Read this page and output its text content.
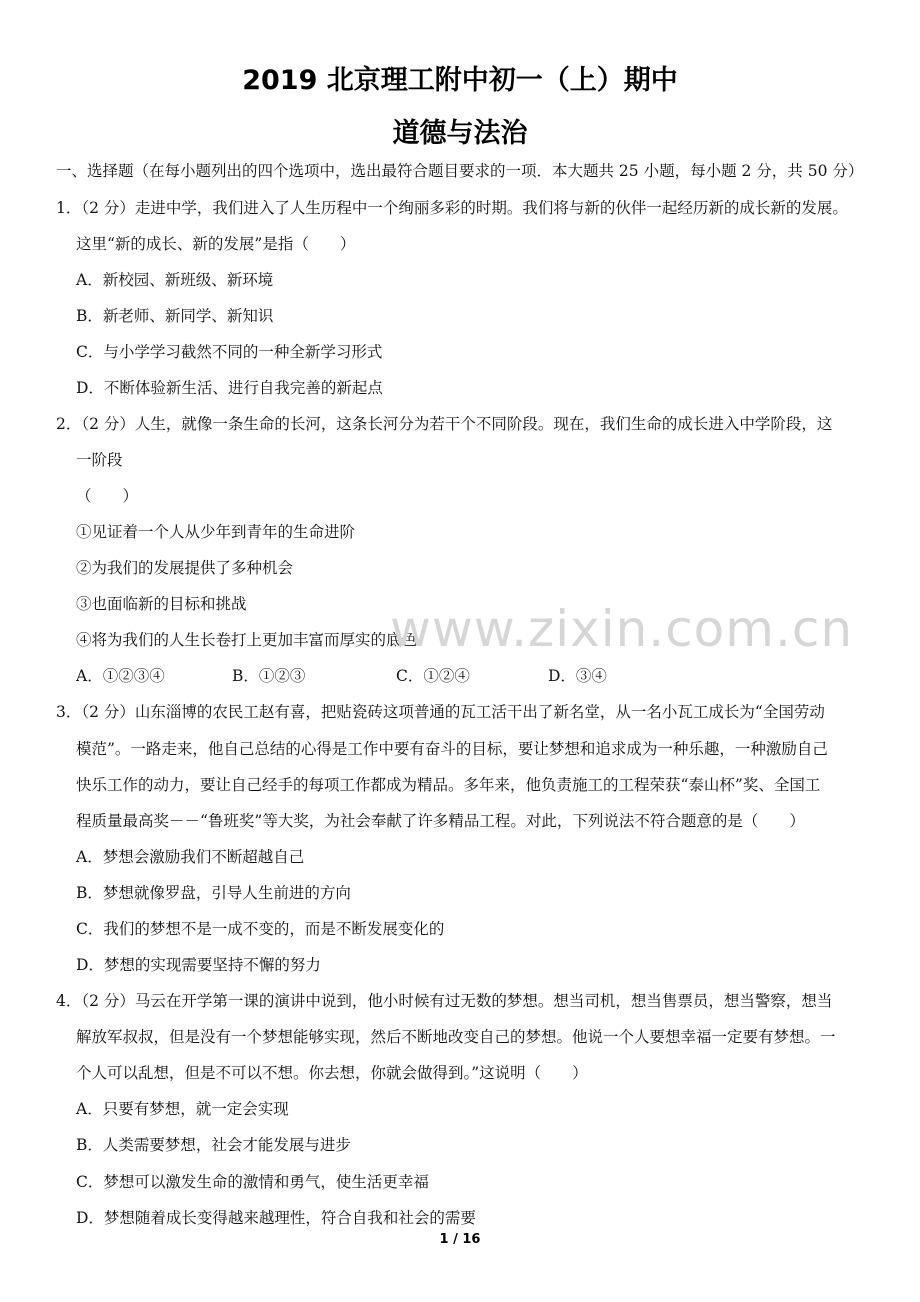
2019 北京理工附中初一（上）期中
道德与法治
一、选择题（在每小题列出的四个选项中，选出最符合题目要求的一项．本大题共 25 小题，每小题 2 分，共 50 分）
1．（2 分）走进中学，我们进入了人生历程中一个绚丽多彩的时期。我们将与新的伙伴一起经历新的成长新的发展。
这里“新的成长、新的发展”是指（　　）
A．新校园、新班级、新环境
B．新老师、新同学、新知识
C．与小学学习截然不同的一种全新学习形式
D．不断体验新生活、进行自我完善的新起点
2．（2 分）人生，就像一条生命的长河，这条长河分为若干个不同阶段。现在，我们生命的成长进入中学阶段，这
一阶段
（　　）
①见证着一个人从少年到青年的生命进阶
②为我们的发展提供了多种机会
③也面临新的目标和挑战
④将为我们的人生长卷打上更加丰富而厚实的底色
A．①②③④	B．①②③	C．①②④	D．③④
3．（2 分）山东淄博的农民工赵有喜，把贴瓷砖这项普通的瓦工活干出了新名堂，从一名小瓦工成长为“全国劳动
模范”。一路走来，他自己总结的心得是工作中要有奋斗的目标，要让梦想和追求成为一种乐趣，一种激励自己
快乐工作的动力，要让自己经手的每项工作都成为精品。多年来，他负责施工的工程荣获“泰山杯”奖、全国工
程质量最高奖－－“鲁班奖”等大奖，为社会奉献了许多精品工程。对此，下列说法不符合题意的是（　　）
A．梦想会激励我们不断超越自己
B．梦想就像罗盘，引导人生前进的方向
C．我们的梦想不是一成不变的，而是不断发展变化的
D．梦想的实现需要坚持不懈的努力
4．（2 分）马云在开学第一课的演讲中说到，他小时候有过无数的梦想。想当司机，想当售票员，想当警察，想当
解放军叔叔，但是没有一个梦想能够实现，然后不断地改变自己的梦想。他说一个人要想幸福一定要有梦想。一
个人可以乱想，但是不可以不想。你去想，你就会做得到。”这说明（　　）
A．只要有梦想，就一定会实现
B．人类需要梦想，社会才能发展与进步
C．梦想可以激发生命的激情和勇气，使生活更幸福
D．梦想随着成长变得越来越理性，符合自我和社会的需要
www.zixin.com.cn
1 / 16
